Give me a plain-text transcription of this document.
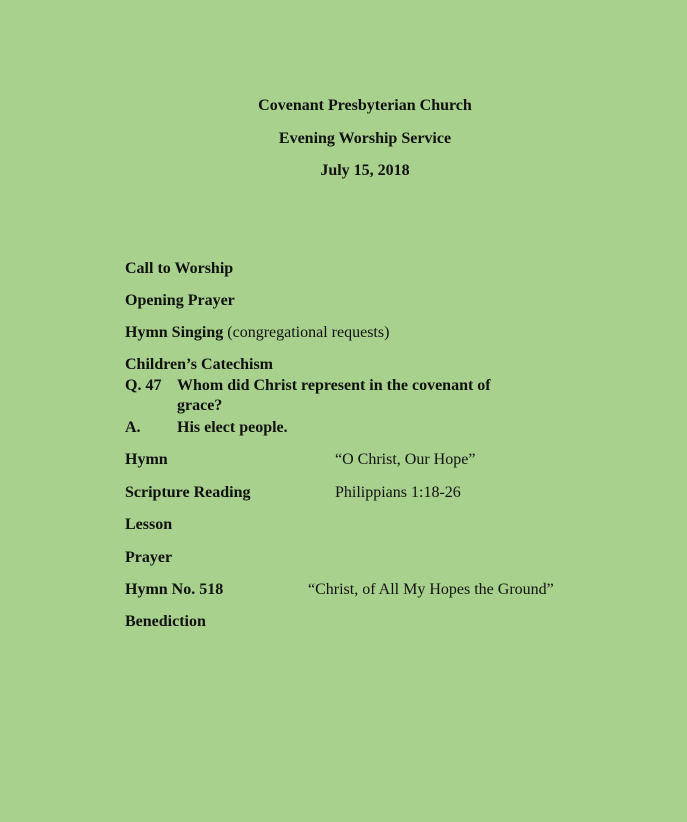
Covenant Presbyterian Church
Evening Worship Service
July 15, 2018
Call to Worship
Opening Prayer
Hymn Singing (congregational requests)
Children’s Catechism
Q. 47 Whom did Christ represent in the covenant of
grace?
A. His elect people.
Hymn	“O Christ, Our Hope”
Scripture Reading	Philippians 1:18-26
Lesson
Prayer
Hymn No. 518	“Christ, of All My Hopes the Ground”
Benediction
